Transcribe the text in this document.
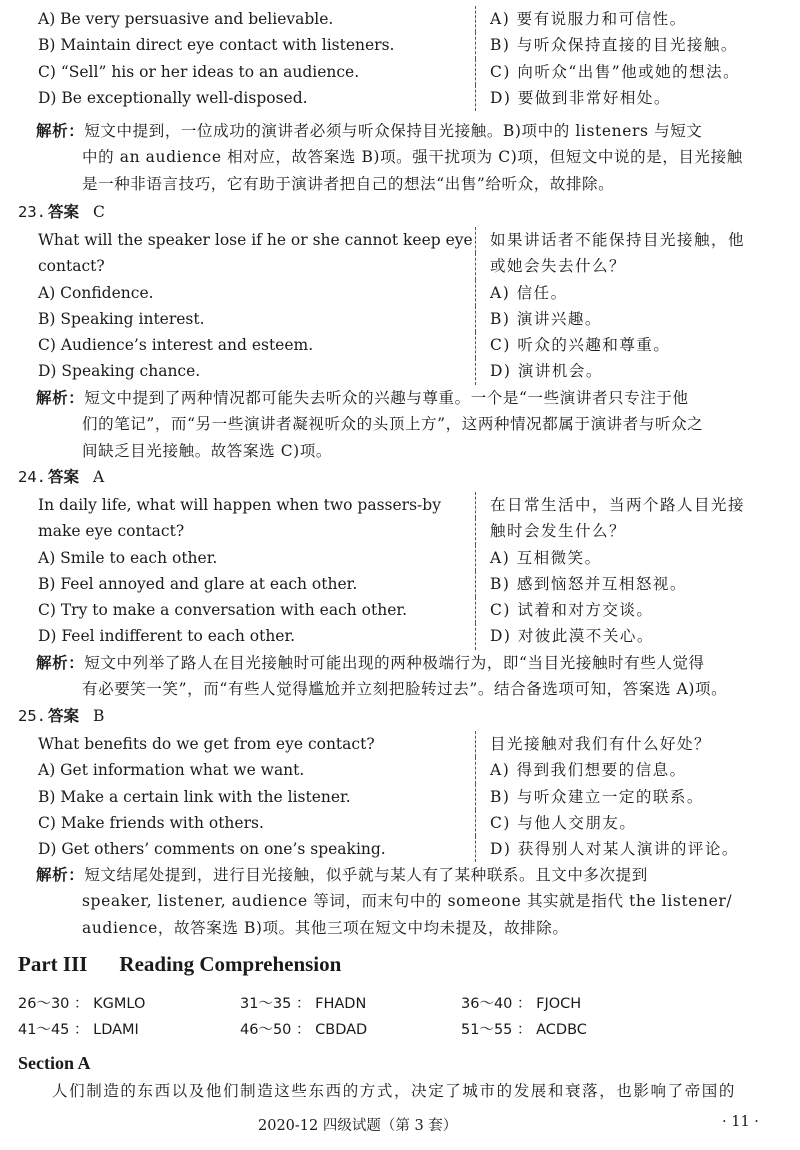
A) Be very persuasive and believable.	A) 要有说服力和可信性。
B) Maintain direct eye contact with listeners.	B) 与听众保持直接的目光接触。
C) “Sell” his or her ideas to an audience.	C) 向听众“出售”他或她的想法。
D) Be exceptionally well-disposed.	D) 要做到非常好相处。
解析：短文中提到，一位成功的演讲者必须与听众保持目光接触。B)项中的 listeners 与短文
中的 an audience 相对应，故答案选 B)项。强干扰项为 C)项，但短文中说的是，目光接触
是一种非语言技巧，它有助于演讲者把自己的想法“出售”给听众，故排除。
23. 答案 C
What will the speaker lose if he or she cannot keep eye	如果讲话者不能保持目光接触，他
contact?	或她会失去什么？
A) Confidence.	A) 信任。
B) Speaking interest.	B) 演讲兴趣。
C) Audience’s interest and esteem.	C) 听众的兴趣和尊重。
D) Speaking chance.	D) 演讲机会。
解析：短文中提到了两种情况都可能失去听众的兴趣与尊重。一个是“一些演讲者只专注于他
们的笔记”，而“另一些演讲者凝视听众的头顶上方”，这两种情况都属于演讲者与听众之
间缺乏目光接触。故答案选 C)项。
24. 答案 A
In daily life, what will happen when two passers-by	在日常生活中，当两个路人目光接
make eye contact?	触时会发生什么？
A) Smile to each other.	A) 互相微笑。
B) Feel annoyed and glare at each other.	B) 感到恼怒并互相怒视。
C) Try to make a conversation with each other.	C) 试着和对方交谈。
D) Feel indifferent to each other.	D) 对彼此漠不关心。
解析：短文中列举了路人在目光接触时可能出现的两种极端行为，即“当目光接触时有些人觉得
有必要笑一笑”，而“有些人觉得尴尬并立刻把脸转过去”。结合备选项可知，答案选 A)项。
25. 答案 B
What benefits do we get from eye contact?	目光接触对我们有什么好处？
A) Get information what we want.	A) 得到我们想要的信息。
B) Make a certain link with the listener.	B) 与听众建立一定的联系。
C) Make friends with others.	C) 与他人交朋友。
D) Get others’ comments on one’s speaking.	D) 获得别人对某人演讲的评论。
解析：短文结尾处提到，进行目光接触，似乎就与某人有了某种联系。且文中多次提到
speaker, listener, audience 等词，而末句中的 someone 其实就是指代 the listener/
audience，故答案选 B)项。其他三项在短文中均未提及，故排除。
Part III Reading Comprehension
26～30 ： KGMLO	31～35 ： FHADN	36～40 ： FJOCH
41～45 ： LDAMI	46～50 ： CBDAD	51～55 ： ACDBC
Section A
人们制造的东西以及他们制造这些东西的方式，决定了城市的发展和衰落，也影响了帝国的
2020-12 四级试题（第 3 套）	· 11 ·
